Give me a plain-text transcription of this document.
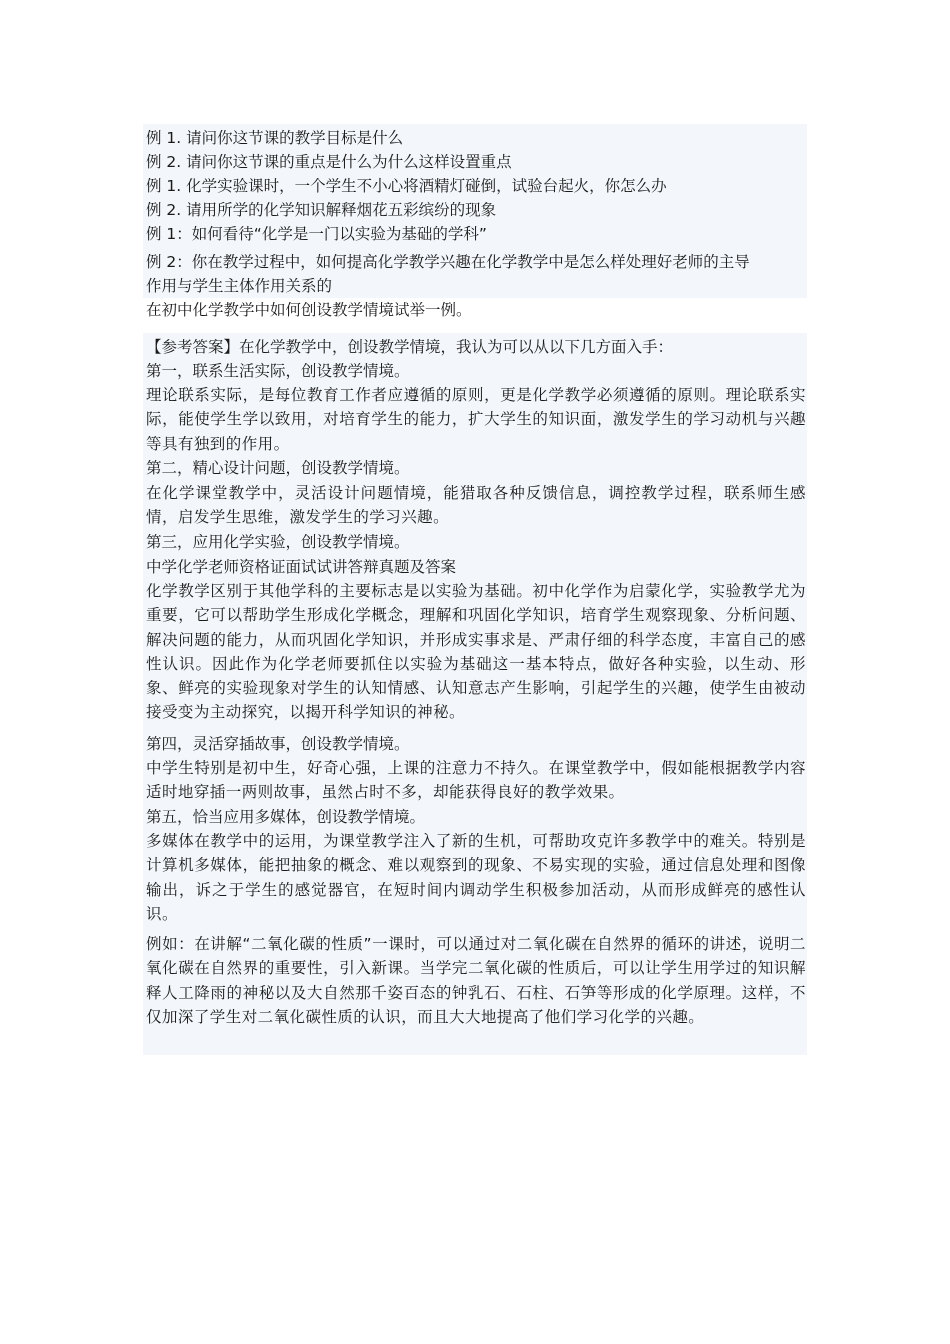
例 1. 请问你这节课的教学目标是什么
例 2. 请问你这节课的重点是什么为什么这样设置重点
例 1. 化学实验课时，一个学生不小心将酒精灯碰倒，试验台起火，你怎么办
例 2. 请用所学的化学知识解释烟花五彩缤纷的现象
例 1：如何看待“化学是一门以实验为基础的学科”
例 2：你在教学过程中，如何提高化学教学兴趣在化学教学中是怎么样处理好老师的主导
作用与学生主体作用关系的
在初中化学教学中如何创设教学情境试举一例。
【参考答案】在化学教学中，创设教学情境，我认为可以从以下几方面入手：
第一，联系生活实际，创设教学情境。
理论联系实际，是每位教育工作者应遵循的原则，更是化学教学必须遵循的原则。理论联系实际，能使学生学以致用，对培育学生的能力，扩大学生的知识面，激发学生的学习动机与兴趣等具有独到的作用。
第二，精心设计问题，创设教学情境。
在化学课堂教学中，灵活设计问题情境，能猎取各种反馈信息，调控教学过程，联系师生感情，启发学生思维，激发学生的学习兴趣。
第三，应用化学实验，创设教学情境。
中学化学老师资格证面试试讲答辩真题及答案
化学教学区别于其他学科的主要标志是以实验为基础。初中化学作为启蒙化学，实验教学尤为重要，它可以帮助学生形成化学概念，理解和巩固化学知识，培育学生观察现象、分析问题、解决问题的能力，从而巩固化学知识，并形成实事求是、严肃仔细的科学态度，丰富自己的感性认识。因此作为化学老师要抓住以实验为基础这一基本特点，做好各种实验，以生动、形象、鲜亮的实验现象对学生的认知情感、认知意志产生影响，引起学生的兴趣，使学生由被动接受变为主动探究，以揭开科学知识的神秘。
第四，灵活穿插故事，创设教学情境。
中学生特别是初中生，好奇心强，上课的注意力不持久。在课堂教学中，假如能根据教学内容适时地穿插一两则故事，虽然占时不多，却能获得良好的教学效果。
第五，恰当应用多媒体，创设教学情境。
多媒体在教学中的运用，为课堂教学注入了新的生机，可帮助攻克许多教学中的难关。特别是计算机多媒体，能把抽象的概念、难以观察到的现象、不易实现的实验，通过信息处理和图像输出，诉之于学生的感觉器官，在短时间内调动学生积极参加活动，从而形成鲜亮的感性认识。
例如：在讲解“二氧化碳的性质”一课时，可以通过对二氧化碳在自然界的循环的讲述，说明二氧化碳在自然界的重要性，引入新课。当学完二氧化碳的性质后，可以让学生用学过的知识解释人工降雨的神秘以及大自然那千姿百态的钟乳石、石柱、石笋等形成的化学原理。这样，不仅加深了学生对二氧化碳性质的认识，而且大大地提高了他们学习化学的兴趣。
